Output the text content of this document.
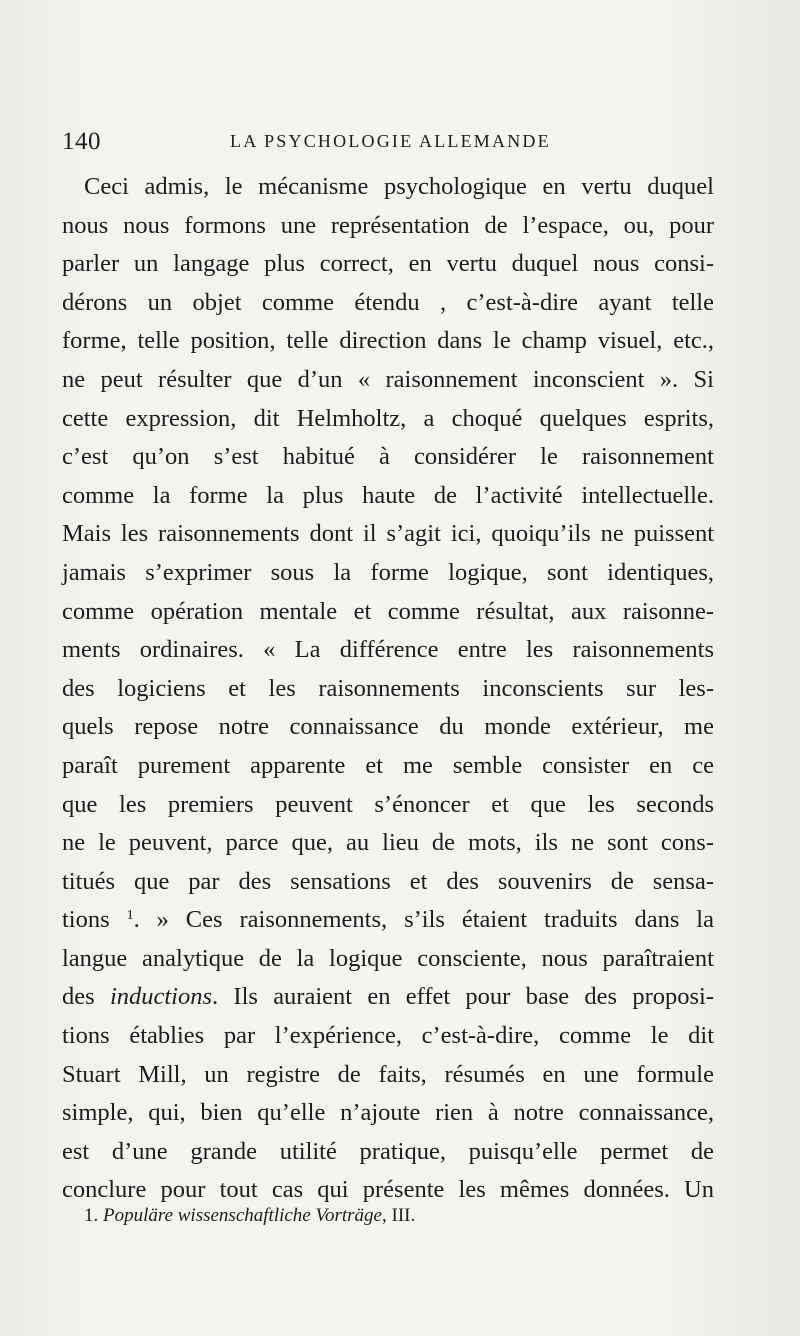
140	LA PSYCHOLOGIE ALLEMANDE
Ceci admis, le mécanisme psychologique en vertu duquel
nous nous formons une représentation de l’espace, ou, pour
parler un langage plus correct, en vertu duquel nous consi-
dérons un objet comme étendu , c’est-à-dire ayant telle
forme, telle position, telle direction dans le champ visuel, etc.,
ne peut résulter que d’un « raisonnement inconscient ». Si
cette expression, dit Helmholtz, a choqué quelques esprits,
c’est qu’on s’est habitué à considérer le raisonnement
comme la forme la plus haute de l’activité intellectuelle.
Mais les raisonnements dont il s’agit ici, quoiqu’ils ne puissent
jamais s’exprimer sous la forme logique, sont identiques,
comme opération mentale et comme résultat, aux raisonne-
ments ordinaires. « La différence entre les raisonnements
des logiciens et les raisonnements inconscients sur les-
quels repose notre connaissance du monde extérieur, me
paraît purement apparente et me semble consister en ce
que les premiers peuvent s’énoncer et que les seconds
ne le peuvent, parce que, au lieu de mots, ils ne sont cons-
titués que par des sensations et des souvenirs de sensa-
tions $^1$. » Ces raisonnements, s’ils étaient traduits dans la
langue analytique de la logique consciente, nous paraîtraient
des inductions. Ils auraient en effet pour base des proposi-
tions établies par l’expérience, c’est-à-dire, comme le dit
Stuart Mill, un registre de faits, résumés en une formule
simple, qui, bien qu’elle n’ajoute rien à notre connaissance,
est d’une grande utilité pratique, puisqu’elle permet de
conclure pour tout cas qui présente les mêmes données. Un
1. Populäre wissenschaftliche Vorträge, III.
